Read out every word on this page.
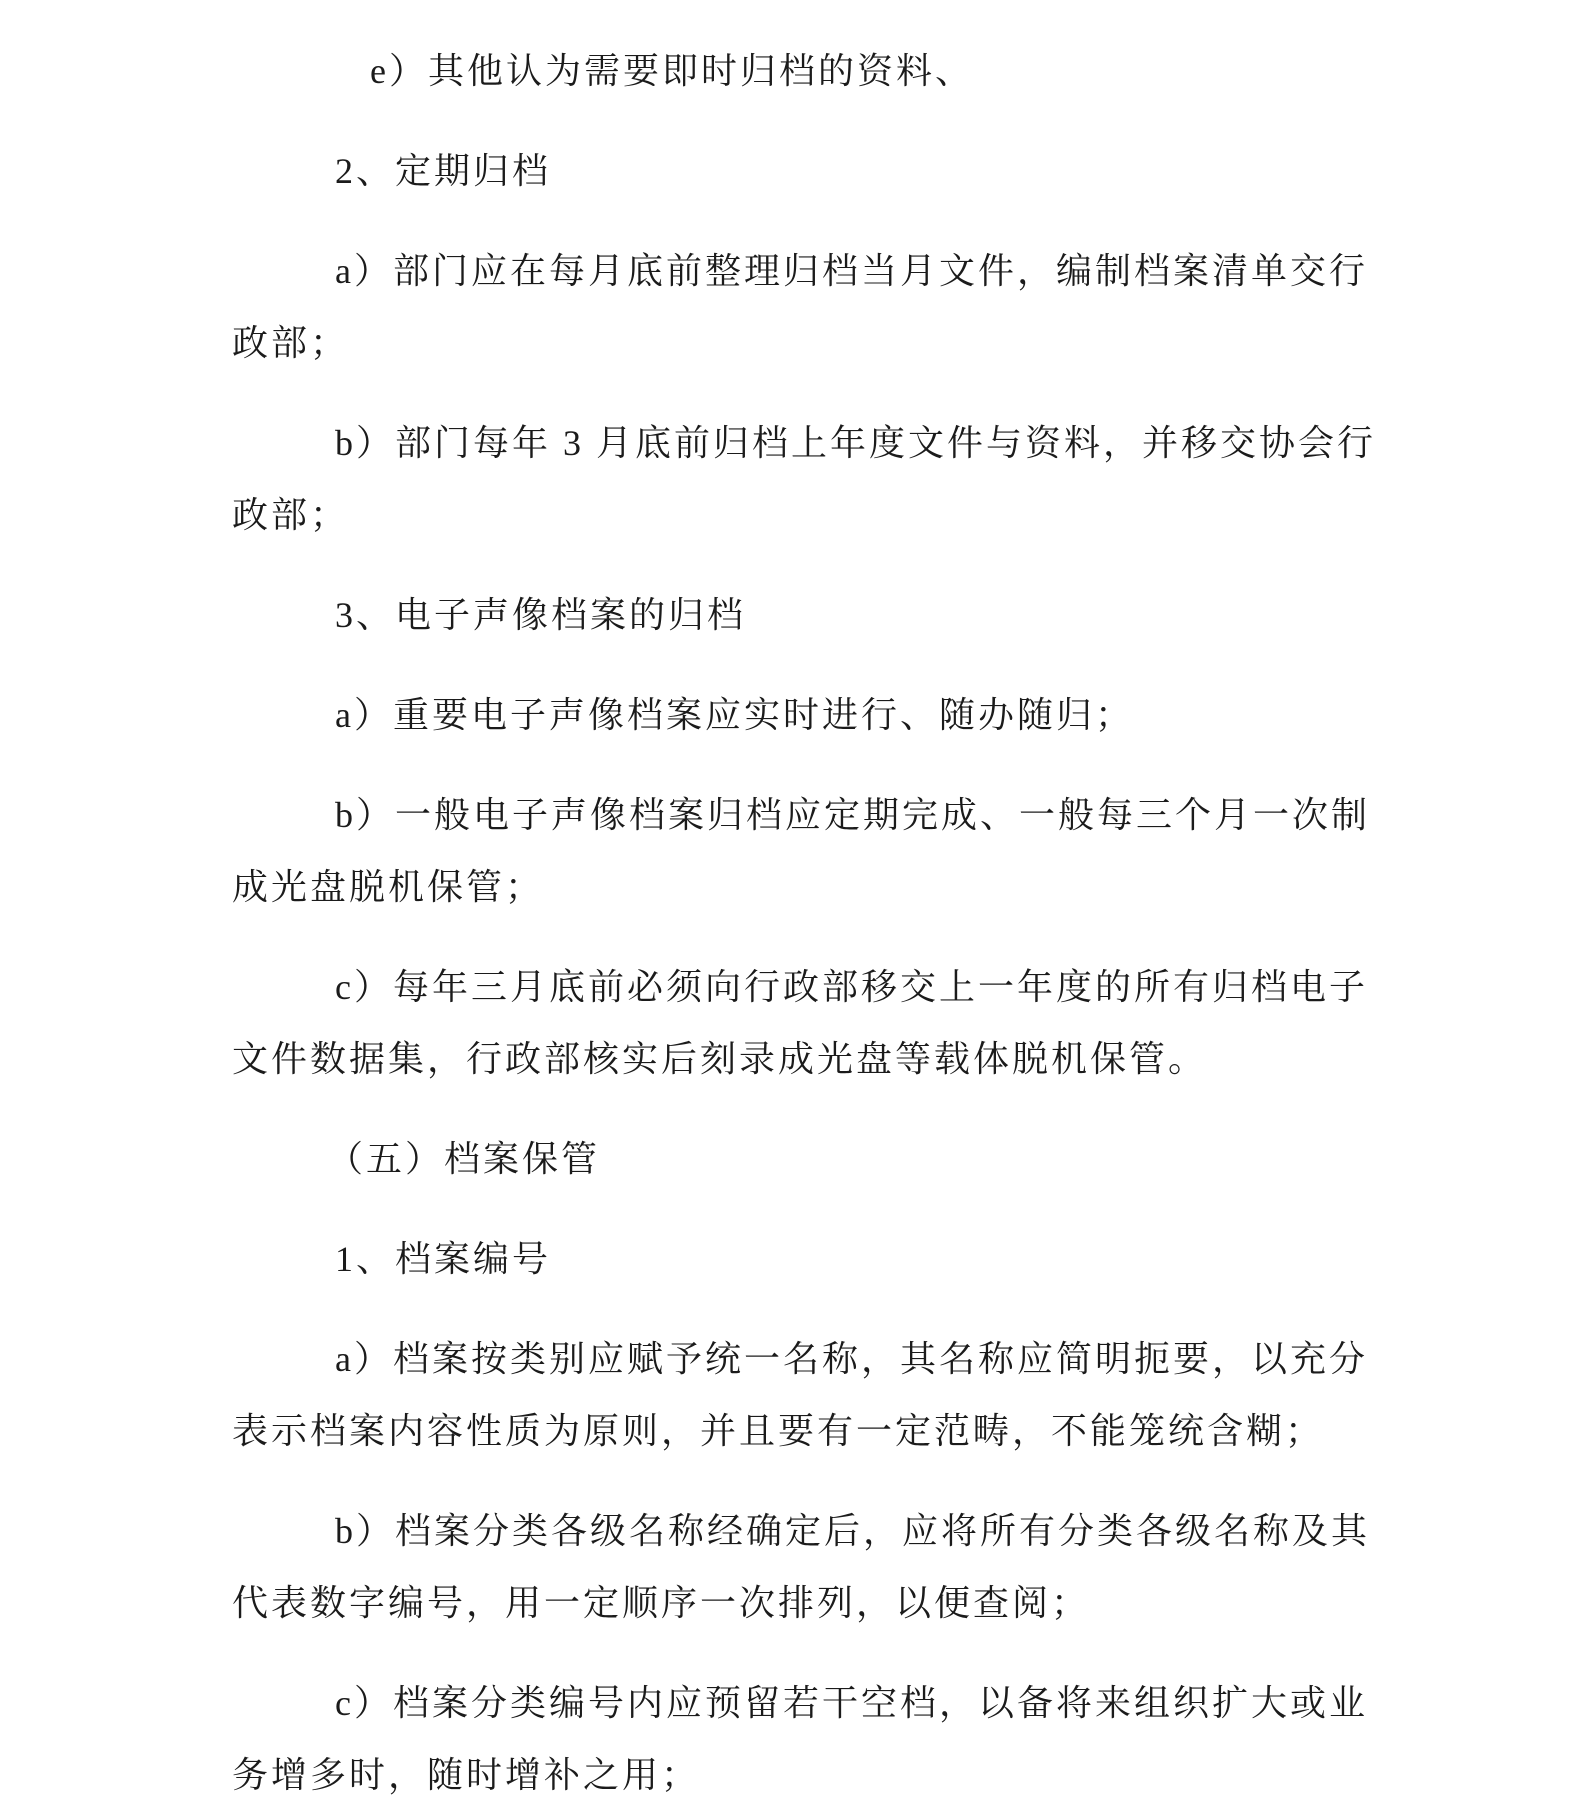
e）其他认为需要即时归档的资料、

2、定期归档

a）部门应在每月底前整理归档当月文件，编制档案清单交行
政部；

b）部门每年 3 月底前归档上年度文件与资料，并移交协会行
政部；

3、电子声像档案的归档

a）重要电子声像档案应实时进行、随办随归；

b）一般电子声像档案归档应定期完成、一般每三个月一次制
成光盘脱机保管；

c）每年三月底前必须向行政部移交上一年度的所有归档电子
文件数据集，行政部核实后刻录成光盘等载体脱机保管。

（五）档案保管

1、档案编号

a）档案按类别应赋予统一名称，其名称应简明扼要，以充分
表示档案内容性质为原则，并且要有一定范畴，不能笼统含糊；

b）档案分类各级名称经确定后，应将所有分类各级名称及其
代表数字编号，用一定顺序一次排列，以便查阅；

c）档案分类编号内应预留若干空档，以备将来组织扩大或业
务增多时，随时增补之用；
